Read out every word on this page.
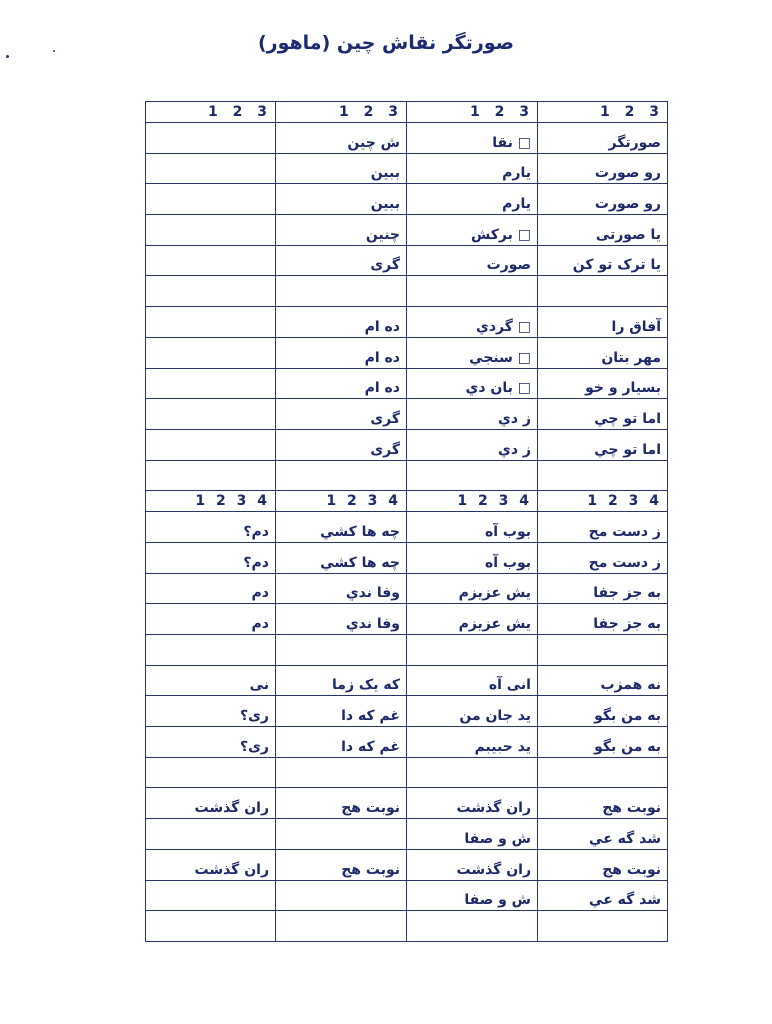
صورتگر نقاش چین (ماهور)
1 2 3	1 2 3	1 2 3	1 2 3
صورتگر	□ نقا	ش چین	
رو صورت	یارم	ببین	
رو صورت	یارم	ببین	
یا صورتی	□ برکش	چنین	
یا ترک تو کن	صورت	گری	

آفاق را	□ گردي	ده ام	
مهر بتان	□ سنجي	ده ام	
بسیار و خو	□ بان دي	ده ام	
اما تو چي	ز دي	گری	
اما تو چي	ز دي	گری	

1 2 3 4	1 2 3 4	1 2 3 4	1 2 3 4
ز دست مح	بوب آه	چه ها کشي	دم؟
ز دست مح	بوب آه	چه ها کشي	دم؟
به جز جفا	یش عزیزم	وفا ندي	دم
به جز جفا	یش عزیزم	وفا ندي	دم

نه همزب	انی آه	که یک زما	نی
به من بگو	ید جان من	غم که دا	ری؟
به من بگو	ید حبیبم	غم که دا	ری؟

نوبت هج	ران گذشت	نوبت هج	ران گذشت
شد گه عي	ش و صفا		
نوبت هج	ران گذشت	نوبت هج	ران گذشت
شد گه عي	ش و صفا		
